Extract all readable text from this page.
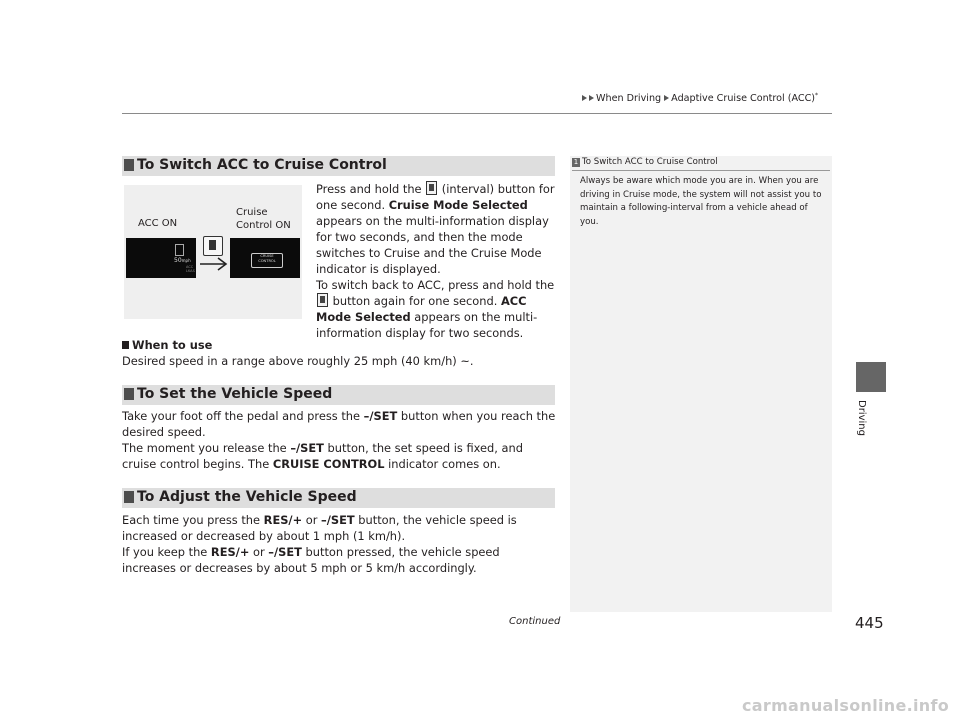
When Driving Adaptive Cruise Control (ACC)*
Driving
To Switch ACC to Cruise Control
ACC ON
Cruise
Control ON
50mph
ACC
LKAS
CRUISE
CONTROL
Press and hold the  (interval) button for one second. Cruise Mode Selected appears on the multi-information display for two seconds, and then the mode switches to Cruise and the Cruise Mode indicator is displayed.
To switch back to ACC, press and hold the  button again for one second. ACC Mode Selected appears on the multi-information display for two seconds.
When to use
Desired speed in a range above roughly 25 mph (40 km/h) ~.
To Set the Vehicle Speed
Take your foot off the pedal and press the –/SET button when you reach the desired speed.
The moment you release the –/SET button, the set speed is fixed, and cruise control begins. The CRUISE CONTROL indicator comes on.
To Adjust the Vehicle Speed
Each time you press the RES/+ or –/SET button, the vehicle speed is increased or decreased by about 1 mph (1 km/h).
If you keep the RES/+ or –/SET button pressed, the vehicle speed increases or decreases by about 5 mph or 5 km/h accordingly.
1 To Switch ACC to Cruise Control
Always be aware which mode you are in. When you are driving in Cruise mode, the system will not assist you to maintain a following-interval from a vehicle ahead of you.
Continued	445
carmanualsonline.info
